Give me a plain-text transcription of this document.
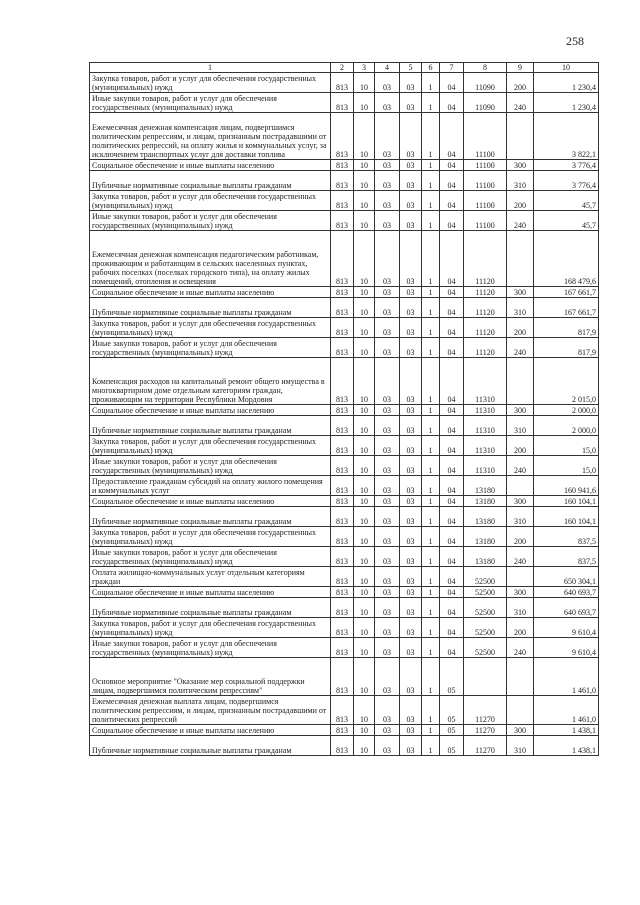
258
1	2	3	4	5	6	7	8	9	10
Закупка товаров, работ и услуг для обеспечения государственных (муниципальных) нужд	813	10	03	03	1	04	11090	200	1 230,4
Иные закупки товаров, работ и услуг для обеспечения государственных (муниципальных) нужд	813	10	03	03	1	04	11090	240	1 230,4
Ежемесячная денежная компенсация лицам, подвергшимся политическим репрессиям, и лицам, признанным пострадавшими от политических репрессий, на оплату жилья и коммунальных услуг, за исключением транспортных услуг для доставки топлива	813	10	03	03	1	04	11100		3 822,1
Социальное обеспечение и иные выплаты населению	813	10	03	03	1	04	11100	300	3 776,4
Публичные нормативные социальные выплаты гражданам	813	10	03	03	1	04	11100	310	3 776,4
Закупка товаров, работ и услуг для обеспечения государственных (муниципальных) нужд	813	10	03	03	1	04	11100	200	45,7
Иные закупки товаров, работ и услуг для обеспечения государственных (муниципальных) нужд	813	10	03	03	1	04	11100	240	45,7
Ежемесячная денежная компенсация педагогическим работникам, проживающим и работающим в сельских населенных пунктах, рабочих поселках (поселках городского типа), на оплату жилых помещений, отопления и освещения	813	10	03	03	1	04	11120		168 479,6
Социальное обеспечение и иные выплаты населению	813	10	03	03	1	04	11120	300	167 661,7
Публичные нормативные социальные выплаты гражданам	813	10	03	03	1	04	11120	310	167 661,7
Закупка товаров, работ и услуг для обеспечения государственных (муниципальных) нужд	813	10	03	03	1	04	11120	200	817,9
Иные закупки товаров, работ и услуг для обеспечения государственных (муниципальных) нужд	813	10	03	03	1	04	11120	240	817,9
Компенсация расходов на капитальный ремонт общего имущества в многоквартирном доме отдельным категориям граждан, проживающим на территории Республики Мордовия	813	10	03	03	1	04	11310		2 015,0
Социальное обеспечение и иные выплаты населению	813	10	03	03	1	04	11310	300	2 000,0
Публичные нормативные социальные выплаты гражданам	813	10	03	03	1	04	11310	310	2 000,0
Закупка товаров, работ и услуг для обеспечения государственных (муниципальных) нужд	813	10	03	03	1	04	11310	200	15,0
Иные закупки товаров, работ и услуг для обеспечения государственных (муниципальных) нужд	813	10	03	03	1	04	11310	240	15,0
Предоставление гражданам субсидий на оплату жилого помещения и коммунальных услуг	813	10	03	03	1	04	13180		160 941,6
Социальное обеспечение и иные выплаты населению	813	10	03	03	1	04	13180	300	160 104,1
Публичные нормативные социальные выплаты гражданам	813	10	03	03	1	04	13180	310	160 104,1
Закупка товаров, работ и услуг для обеспечения государственных (муниципальных) нужд	813	10	03	03	1	04	13180	200	837,5
Иные закупки товаров, работ и услуг для обеспечения государственных (муниципальных) нужд	813	10	03	03	1	04	13180	240	837,5
Оплата жилищно-коммунальных услуг отдельным категориям граждан	813	10	03	03	1	04	52500		650 304,1
Социальное обеспечение и иные выплаты населению	813	10	03	03	1	04	52500	300	640 693,7
Публичные нормативные социальные выплаты гражданам	813	10	03	03	1	04	52500	310	640 693,7
Закупка товаров, работ и услуг для обеспечения государственных (муниципальных) нужд	813	10	03	03	1	04	52500	200	9 610,4
Иные закупки товаров, работ и услуг для обеспечения государственных (муниципальных) нужд	813	10	03	03	1	04	52500	240	9 610,4
Основное мероприятие "Оказание мер социальной поддержки лицам, подвергшимся политическим репрессиям"	813	10	03	03	1	05			1 461,0
Ежемесячная денежная выплата лицам, подвергшимся политическим репрессиям, и лицам, признанным пострадавшими от политических репрессий	813	10	03	03	1	05	11270		1 461,0
Социальное обеспечение и иные выплаты населению	813	10	03	03	1	05	11270	300	1 438,1
Публичные нормативные социальные выплаты гражданам	813	10	03	03	1	05	11270	310	1 438,1
